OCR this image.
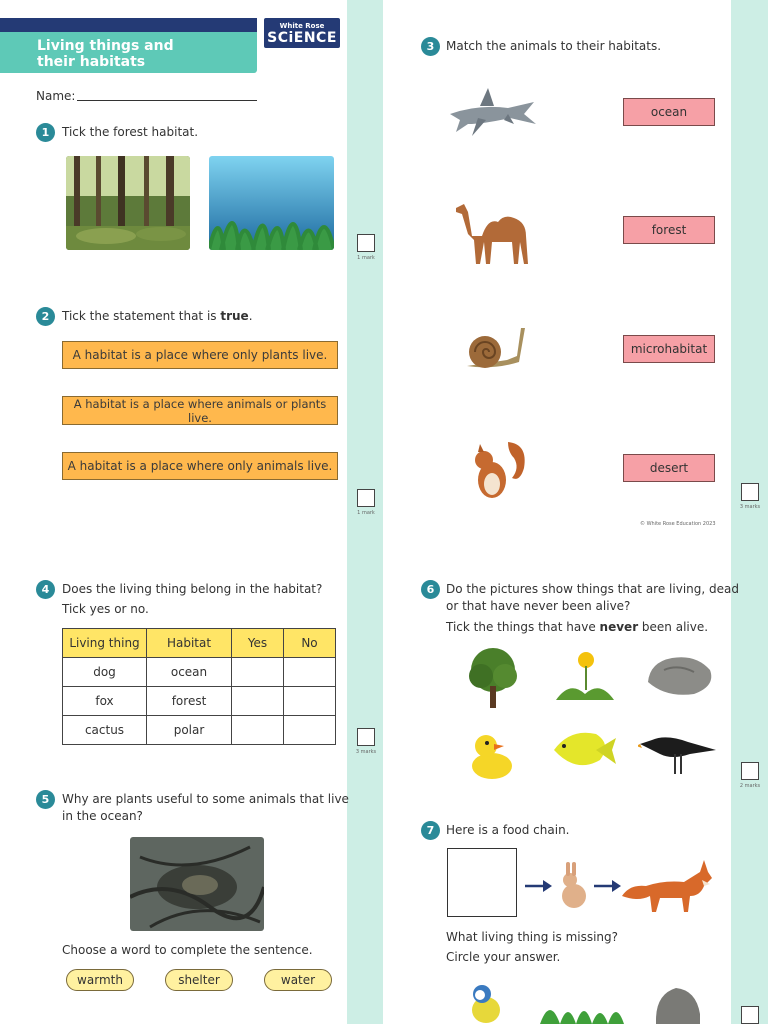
Living things and
their habitats
White Rose
SCiENCE
Name:
1	Tick the forest habitat.
1 mark
2	Tick the statement that is true.
A habitat is a place where only plants live.
A habitat is a place where animals or plants live.
A habitat is a place where only animals live.
1 mark
3 Match the animals to their habitats.
ocean
forest
microhabitat
desert
3 marks
© White Rose Education 2023
4	Does the living thing belong in the habitat?
Tick yes or no.
Living thing	Habitat	Yes	No
dog	ocean		
fox	forest		
cactus	polar		
3 marks
5	Why are plants useful to some animals that live
in the ocean?
Choose a word to complete the sentence.
warmth	shelter	water
6 Do the pictures show things that are living, dead
or that have never been alive?
Tick the things that have never been alive.
2 marks
7 Here is a food chain.
What living thing is missing?
Circle your answer.
